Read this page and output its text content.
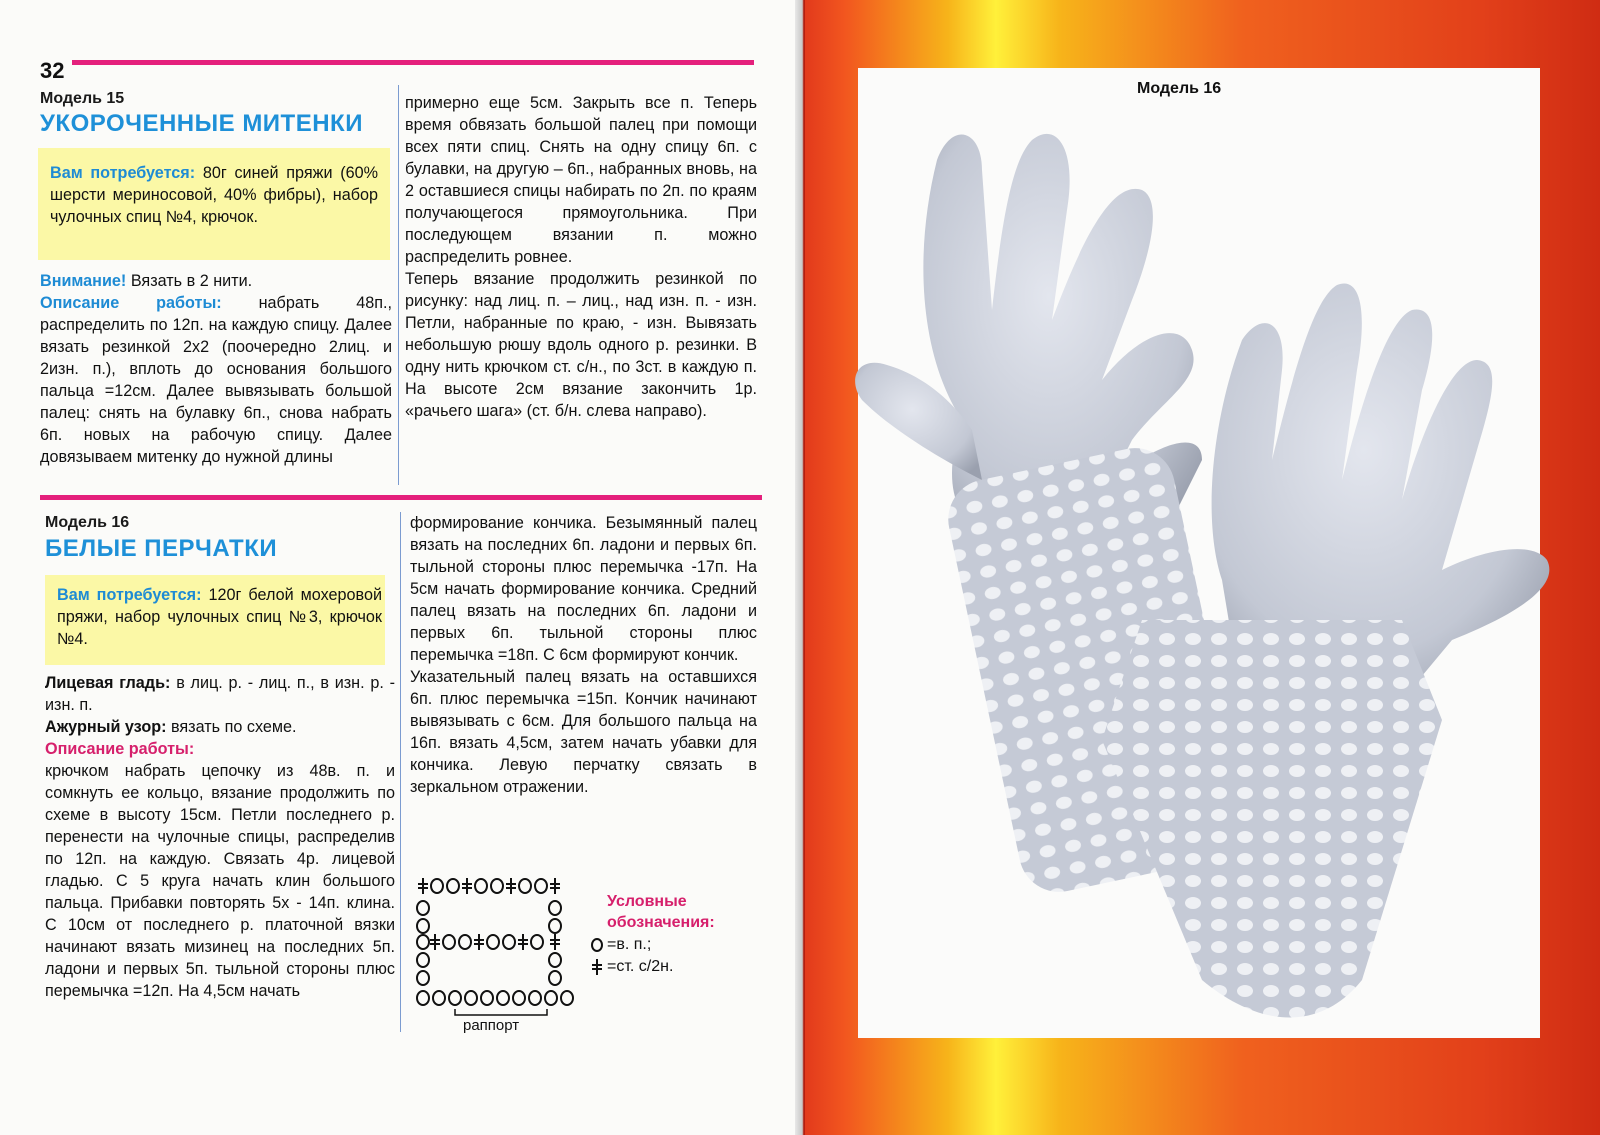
32
Модель 15
УКОРОЧЕННЫЕ МИТЕНКИ
Вам потребуется: 80г синей пряжи (60% шерсти мериносовой, 40% фибры), набор чулочных спиц №4, крючок.
Внимание! Вязать в 2 нити.
Описание работы: набрать 48п., распределить по 12п. на каждую спицу. Далее вязать резинкой 2х2 (поочередно 2лиц. и 2изн. п.), вплоть до основания большого пальца =12см. Далее вывязывать большой палец: снять на булавку 6п., снова набрать 6п. новых на рабочую спицу. Далее довязываем митенку до нужной длины
примерно еще 5см. Закрыть все п. Теперь время обвязать большой палец при помощи всех пяти спиц. Снять на одну спицу 6п. с булавки, на другую – 6п., набранных вновь, на 2 оставшиеся спицы набирать по 2п. по краям получающегося прямоугольника. При последующем вязании п. можно распределить ровнее.
Теперь вязание продолжить резинкой по рисунку: над лиц. п. – лиц., над изн. п. - изн. Петли, набранные по краю, - изн. Вывязать небольшую рюшу вдоль одного р. резинки. В одну нить крючком ст. с/н., по 3ст. в каждую п. На высоте 2см вязание закончить 1р. «рачьего шага» (ст. б/н. слева направо).
Модель 16
БЕЛЫЕ ПЕРЧАТКИ
Вам потребуется: 120г белой мохеровой пряжи, набор чулочных спиц №3, крючок №4.
Лицевая гладь: в лиц. р. - лиц. п., в изн. р. - изн. п.
Ажурный узор: вязать по схеме.
Описание работы:
крючком набрать цепочку из 48в. п. и сомкнуть ее кольцо, вязание продолжить по схеме в высоту 15см. Петли последнего р. перенести на чулочные спицы, распределив по 12п. на каждую. Связать 4р. лицевой гладью. С 5 круга начать клин большого пальца. Прибавки повторять 5х - 14п. клина. С 10см от последнего р. платочной вязки начинают вязать мизинец на последних 5п. ладони и первых 5п. тыльной стороны плюс перемычка =12п. На 4,5см начать
формирование кончика. Безымянный палец вязать на последних 6п. ладони и первых 6п. тыльной стороны плюс перемычка -17п. На 5см начать формирование кончика. Средний палец вязать на последних 6п. ладони и первых 6п. тыльной стороны плюс перемычка =18п. С 6см формируют кончик.
Указательный палец вязать на оставшихся 6п. плюс перемычка =15п. Кончик начинают вывязывать с 6см. Для большого пальца на 16п. вязать 4,5см, затем начать убавки для кончика. Левую перчатку связать в зеркальном отражении.
раппорт
Условные обозначения:
=в. п.;
=ст. с/2н.
Модель 16
